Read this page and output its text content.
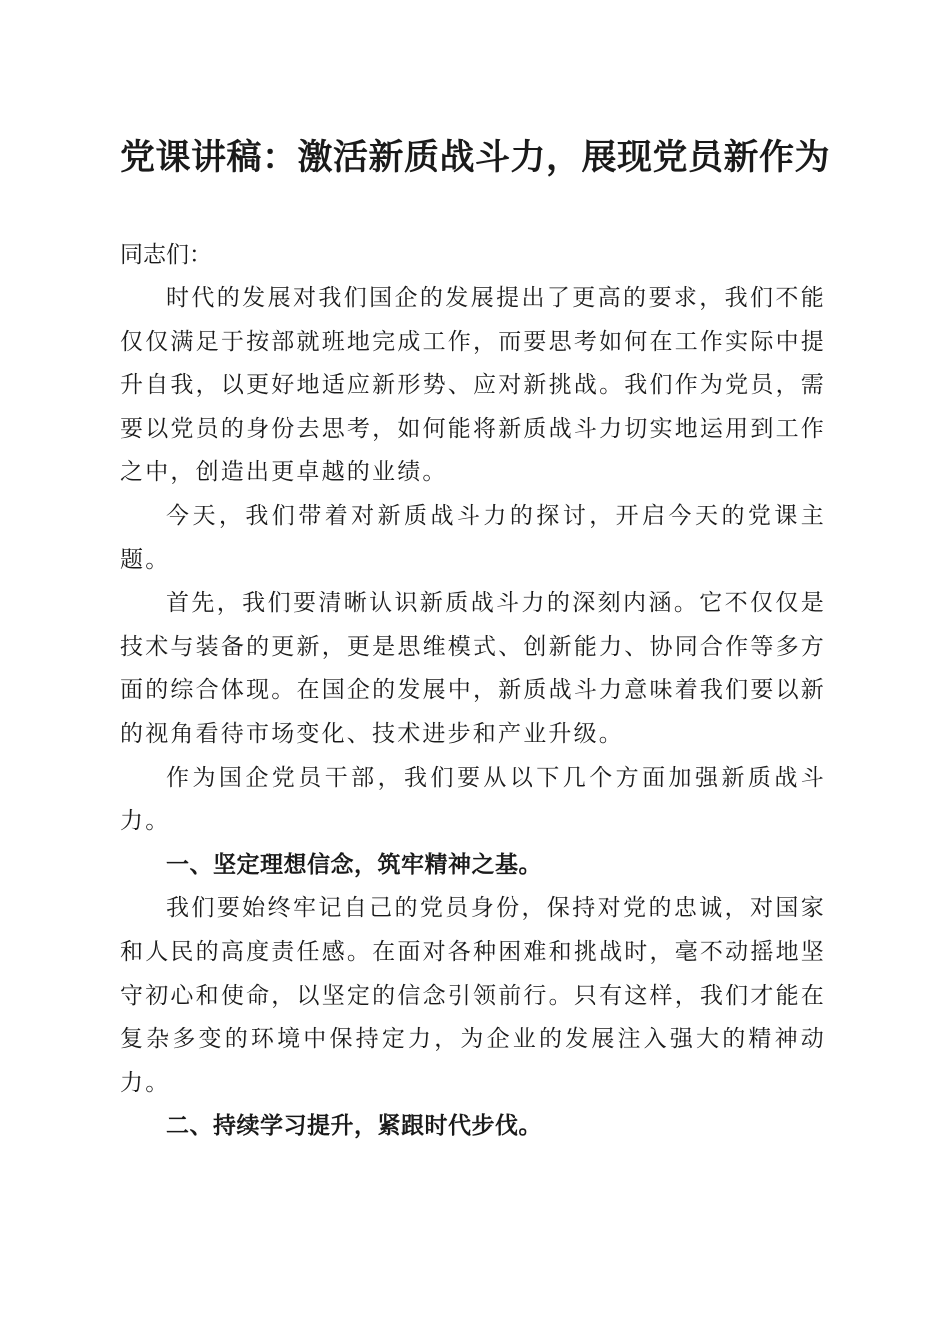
党课讲稿：激活新质战斗力，展现党员新作为

同志们：

时代的发展对我们国企的发展提出了更高的要求，我们不能仅仅满足于按部就班地完成工作，而要思考如何在工作实际中提升自我，以更好地适应新形势、应对新挑战。我们作为党员，需要以党员的身份去思考，如何能将新质战斗力切实地运用到工作之中，创造出更卓越的业绩。

今天，我们带着对新质战斗力的探讨，开启今天的党课主题。

首先，我们要清晰认识新质战斗力的深刻内涵。它不仅仅是技术与装备的更新，更是思维模式、创新能力、协同合作等多方面的综合体现。在国企的发展中，新质战斗力意味着我们要以新的视角看待市场变化、技术进步和产业升级。

作为国企党员干部，我们要从以下几个方面加强新质战斗力。

一、坚定理想信念，筑牢精神之基。

我们要始终牢记自己的党员身份，保持对党的忠诚，对国家和人民的高度责任感。在面对各种困难和挑战时，毫不动摇地坚守初心和使命，以坚定的信念引领前行。只有这样，我们才能在复杂多变的环境中保持定力，为企业的发展注入强大的精神动力。

二、持续学习提升，紧跟时代步伐。
